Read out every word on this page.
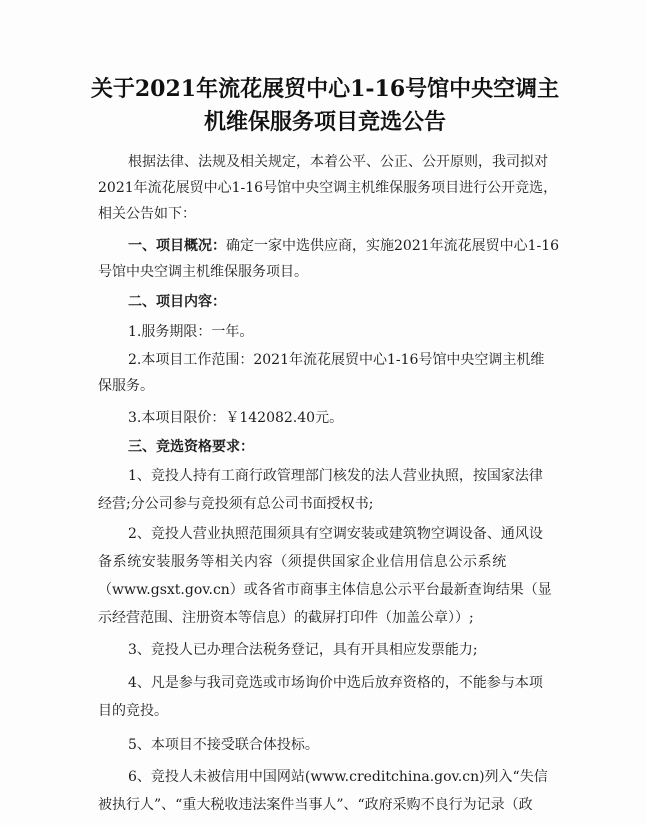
关于2021年流花展贸中心1-16号馆中央空调主
机维保服务项目竞选公告

根据法律、法规及相关规定，本着公平、公正、公开原则，我司拟对

2021年流花展贸中心1-16号馆中央空调主机维保服务项目进行公开竞选，

相关公告如下：

一、项目概况：确定一家中选供应商，实施2021年流花展贸中心1-16

号馆中央空调主机维保服务项目。

二、项目内容：

1.服务期限：一年。

2.本项目工作范围：2021年流花展贸中心1-16号馆中央空调主机维

保服务。

3.本项目限价：￥142082.40元。

三、竞选资格要求：

1、竞投人持有工商行政管理部门核发的法人营业执照，按国家法律

经营;分公司参与竞投须有总公司书面授权书;

2、竞投人营业执照范围须具有空调安装或建筑物空调设备、通风设

备系统安装服务等相关内容（须提供国家企业信用信息公示系统

（www.gsxt.gov.cn）或各省市商事主体信息公示平台最新查询结果（显

示经营范围、注册资本等信息）的截屏打印件（加盖公章））;

3、竞投人已办理合法税务登记，具有开具相应发票能力;

4、凡是参与我司竞选或市场询价中选后放弃资格的，不能参与本项

目的竞投。

5、本项目不接受联合体投标。

6、竞投人未被信用中国网站(www.creditchina.gov.cn)列入“失信

被执行人”、“重大税收违法案件当事人”、“政府采购不良行为记录（政
